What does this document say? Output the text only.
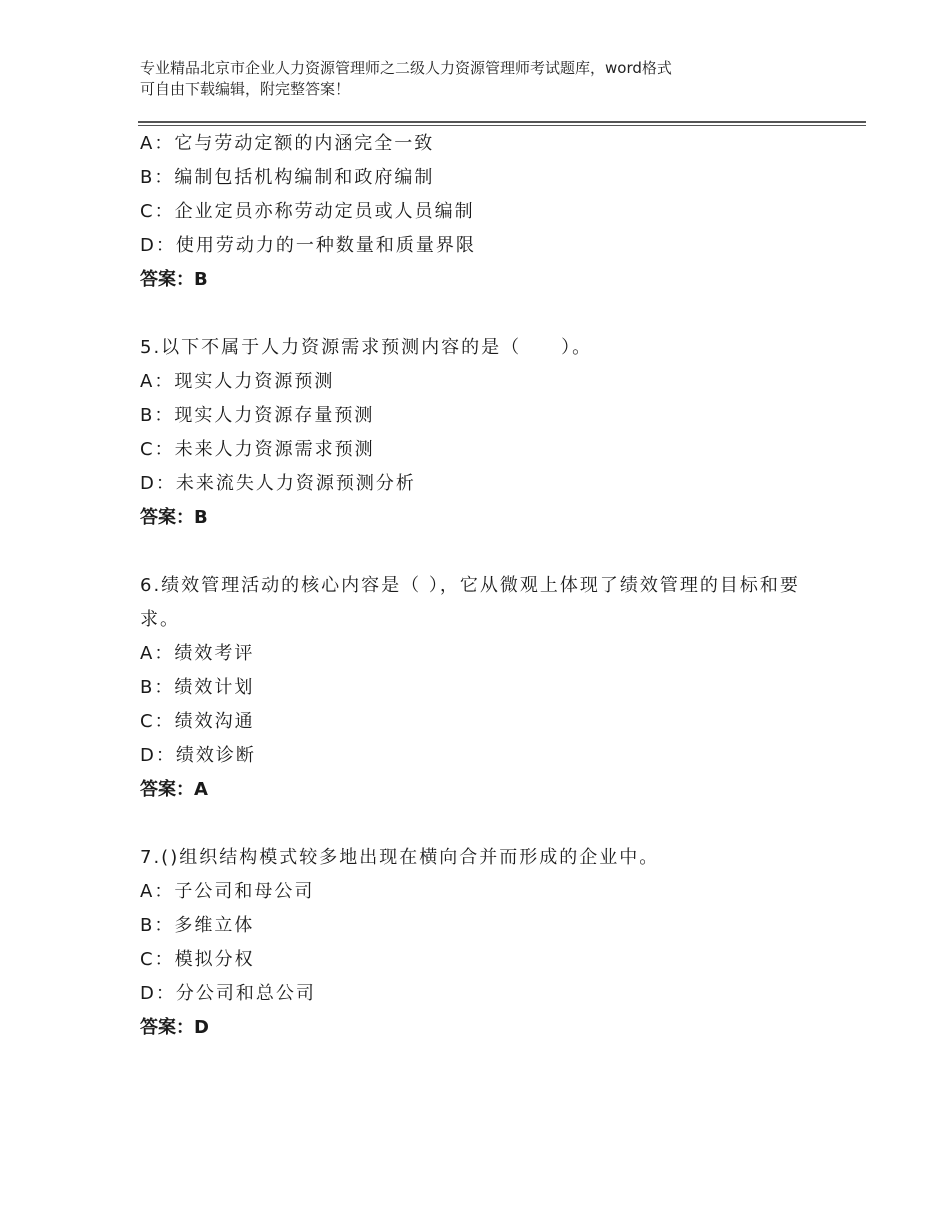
专业精品北京市企业人力资源管理师之二级人力资源管理师考试题库，word格式
可自由下载编辑，附完整答案！
A：它与劳动定额的内涵完全一致
B：编制包括机构编制和政府编制
C：企业定员亦称劳动定员或人员编制
D：使用劳动力的一种数量和质量界限
答案：B
5.以下不属于人力资源需求预测内容的是（　　）。
A：现实人力资源预测
B：现实人力资源存量预测
C：未来人力资源需求预测
D：未来流失人力资源预测分析
答案：B
6.绩效管理活动的核心内容是（ ），它从微观上体现了绩效管理的目标和要求。
A：绩效考评
B：绩效计划
C：绩效沟通
D：绩效诊断
答案：A
7.()组织结构模式较多地出现在横向合并而形成的企业中。
A：子公司和母公司
B：多维立体
C：模拟分权
D：分公司和总公司
答案：D
